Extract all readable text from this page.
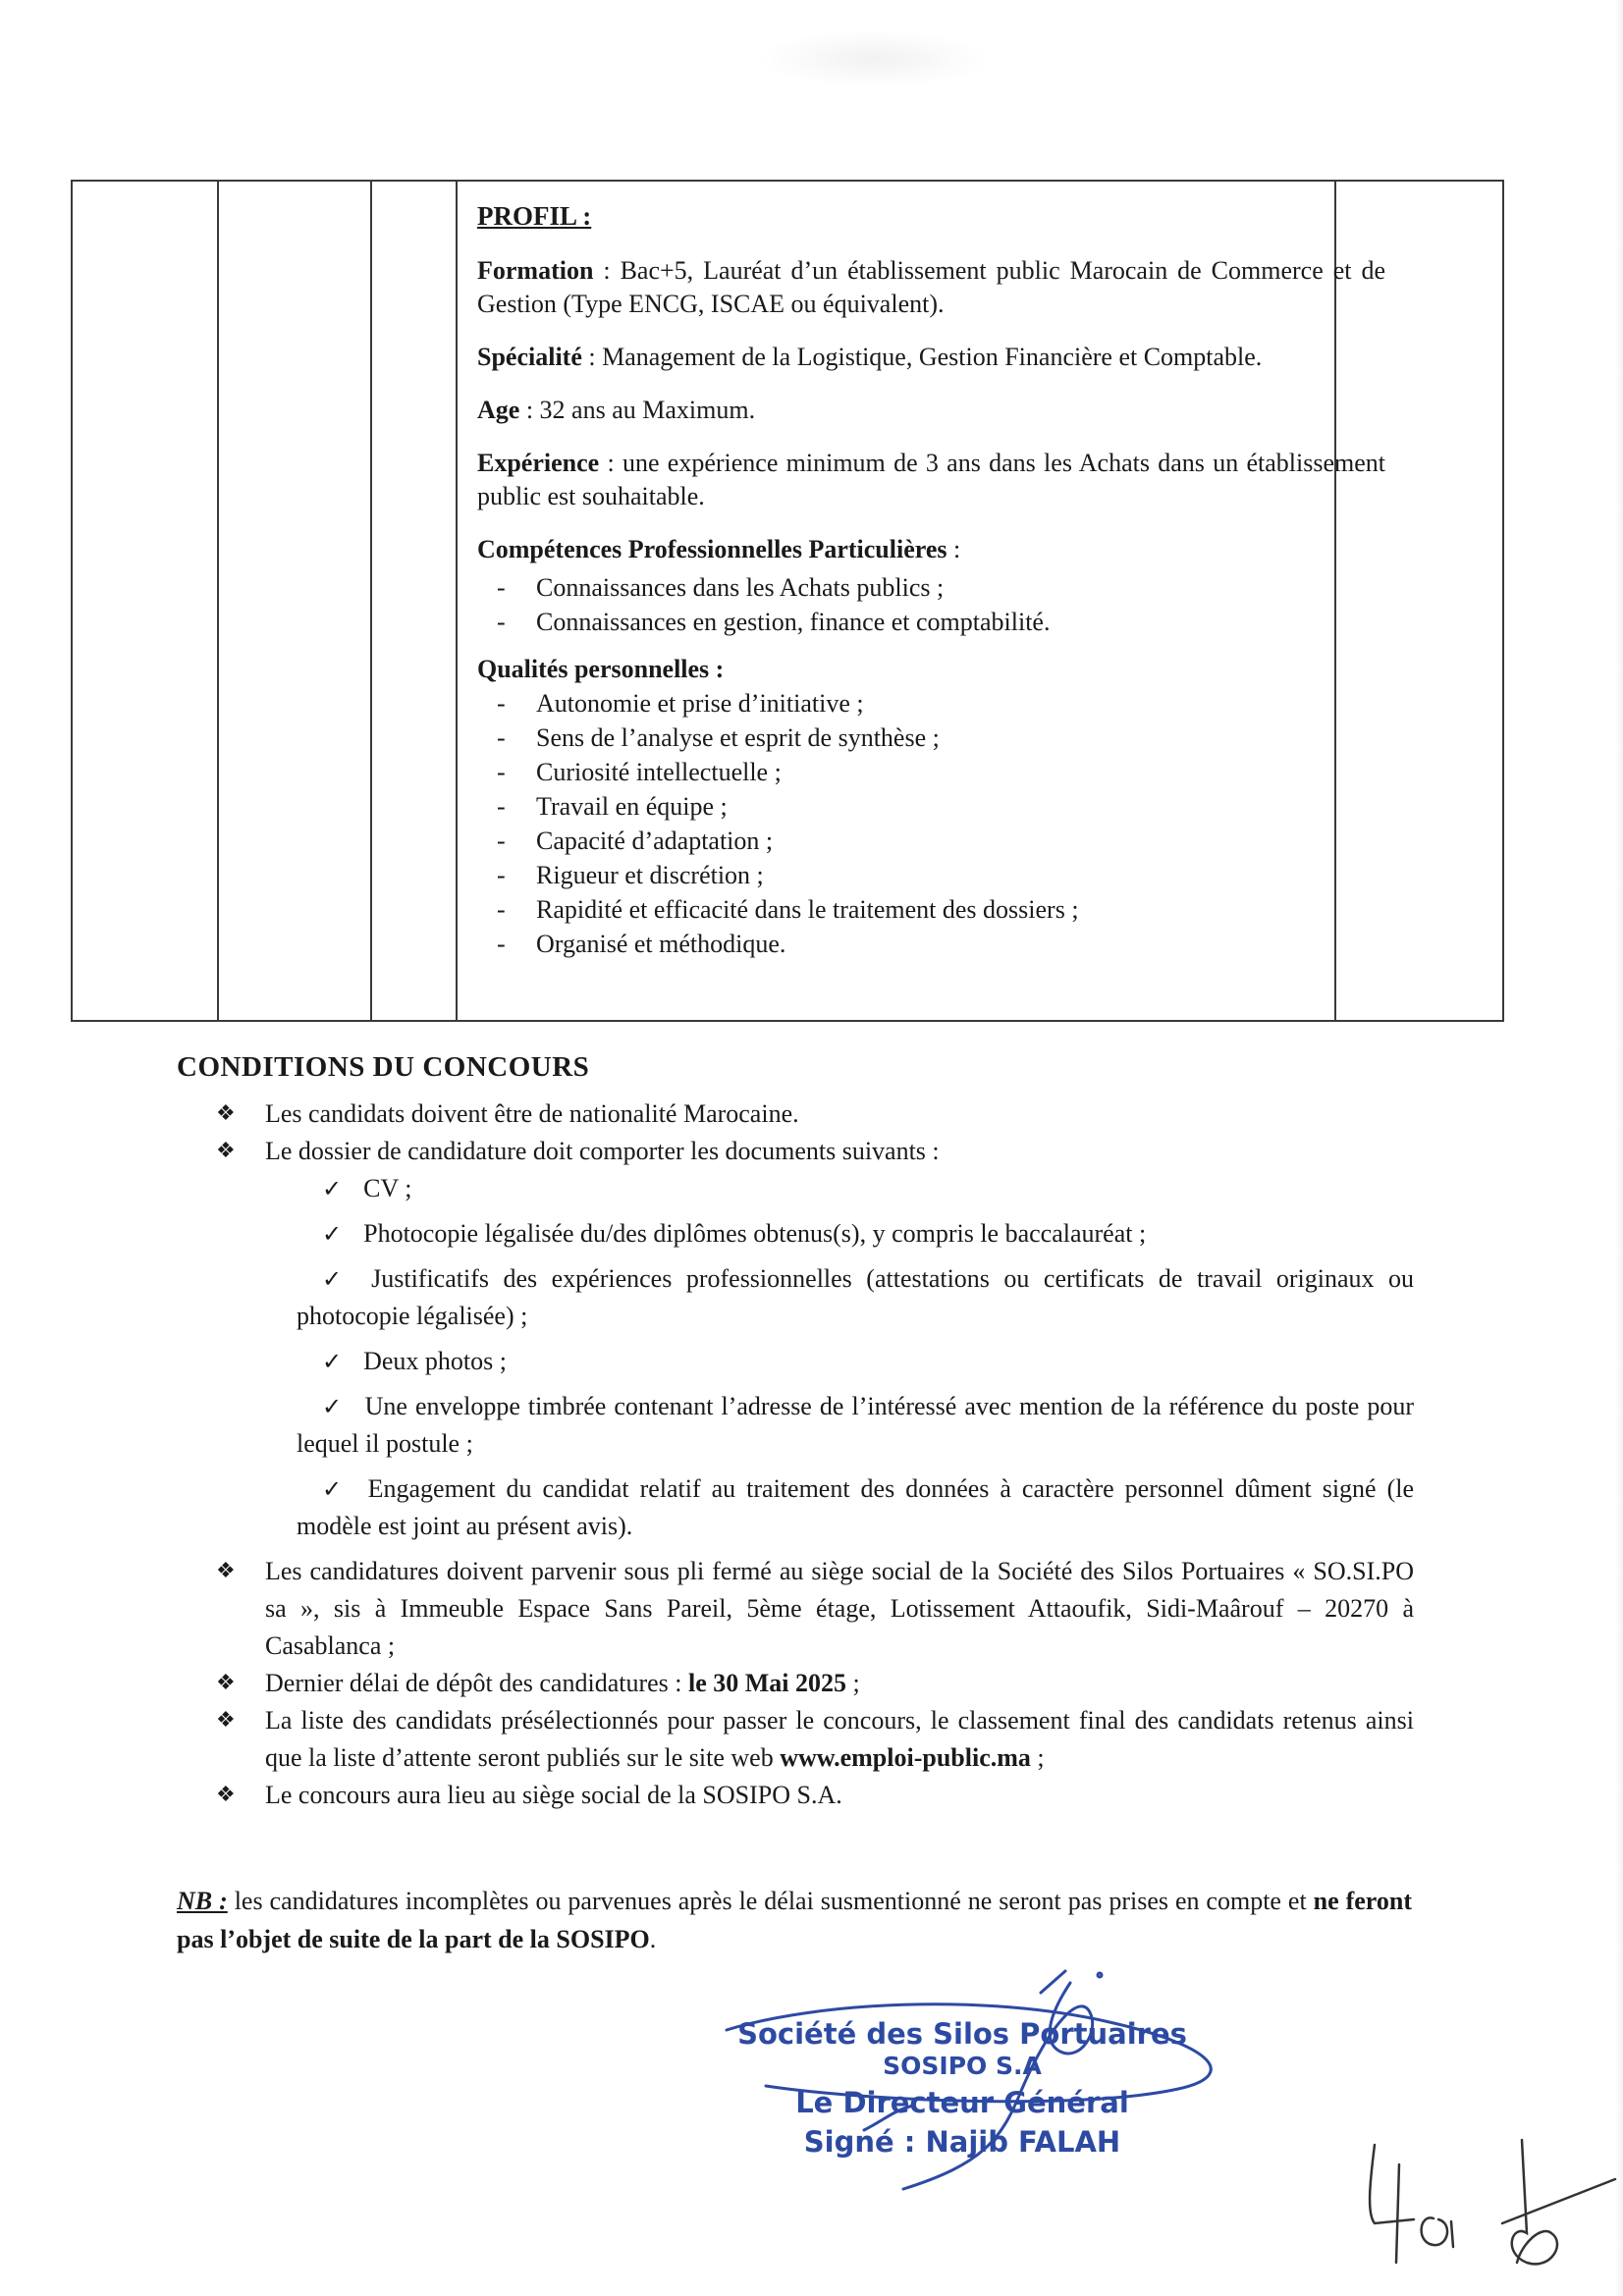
PROFIL :

Formation : Bac+5, Lauréat d’un établissement public Marocain de Commerce et de Gestion (Type ENCG, ISCAE ou équivalent).

Spécialité : Management de la Logistique, Gestion Financière et Comptable.

Age : 32 ans au Maximum.

Expérience : une expérience minimum de 3 ans dans les Achats dans un établissement public est souhaitable.

Compétences Professionnelles Particulières :

- Connaissances dans les Achats publics ;
- Connaissances en gestion, finance et comptabilité.

Qualités personnelles :

- Autonomie et prise d’initiative ;
- Sens de l’analyse et esprit de synthèse ;
- Curiosité intellectuelle ;
- Travail en équipe ;
- Capacité d’adaptation ;
- Rigueur et discrétion ;
- Rapidité et efficacité dans le traitement des dossiers ;
- Organisé et méthodique.
CONDITIONS DU CONCOURS

❖ Les candidats doivent être de nationalité Marocaine.

❖ Le dossier de candidature doit comporter les documents suivants :

✓ CV ;
✓ Photocopie légalisée du/des diplômes obtenus(s), y compris le baccalauréat ;
✓ Justificatifs des expériences professionnelles (attestations ou certificats de travail originaux ou photocopie légalisée) ;
✓ Deux photos ;
✓ Une enveloppe timbrée contenant l’adresse de l’intéressé avec mention de la référence du poste pour lequel il postule ;
✓ Engagement du candidat relatif au traitement des données à caractère personnel dûment signé (le modèle est joint au présent avis).

❖ Les candidatures doivent parvenir sous pli fermé au siège social de la Société des Silos Portuaires « SO.SI.PO sa », sis à Immeuble Espace Sans Pareil, 5ème étage, Lotissement Attaoufik, Sidi-Maârouf – 20270 à Casablanca ;

❖ Dernier délai de dépôt des candidatures : le 30 Mai 2025 ;

❖ La liste des candidats présélectionnés pour passer le concours, le classement final des candidats retenus ainsi que la liste d’attente seront publiés sur le site web www.emploi-public.ma ;

❖ Le concours aura lieu au siège social de la SOSIPO S.A.

NB : les candidatures incomplètes ou parvenues après le délai susmentionné ne seront pas prises en compte et ne feront pas l’objet de suite de la part de la SOSIPO.

Société des Silos Portuaires
SOSIPO S.A
Le Directeur Général
Signé : Najib FALAH
